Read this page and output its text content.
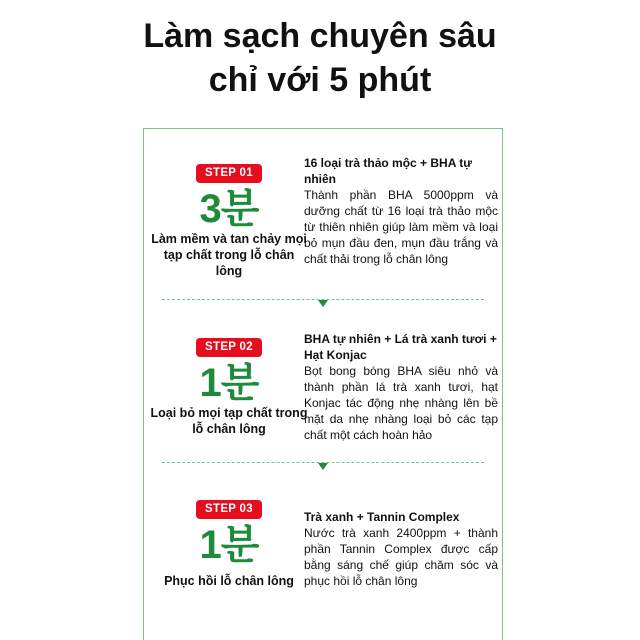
Làm sạch chuyên sâu
chỉ với 5 phút
STEP 01
3분
Làm mềm và tan chảy mọi tạp chất trong lỗ chân lông
16 loại trà thảo mộc + BHA tự nhiên
Thành phần BHA 5000ppm và dưỡng chất từ 16 loại trà thảo mộc từ thiên nhiên giúp làm mềm và loại bỏ mụn đầu đen, mụn đầu trắng và chất thải trong lỗ chân lông
STEP 02
1분
Loại bỏ mọi tạp chất trong lỗ chân lông
BHA tự nhiên + Lá trà xanh tươi + Hạt Konjac
Bọt bong bóng BHA siêu nhỏ và thành phần lá trà xanh tươi, hạt Konjac tác động nhẹ nhàng lên bề mặt da nhẹ nhàng loại bỏ các tạp chất một cách hoàn hảo
STEP 03
1분
Phục hồi lỗ chân lông
Trà xanh + Tannin Complex
Nước trà xanh 2400ppm + thành phần Tannin Complex được cấp bằng sáng chế giúp chăm sóc và phục hồi lỗ chân lông
